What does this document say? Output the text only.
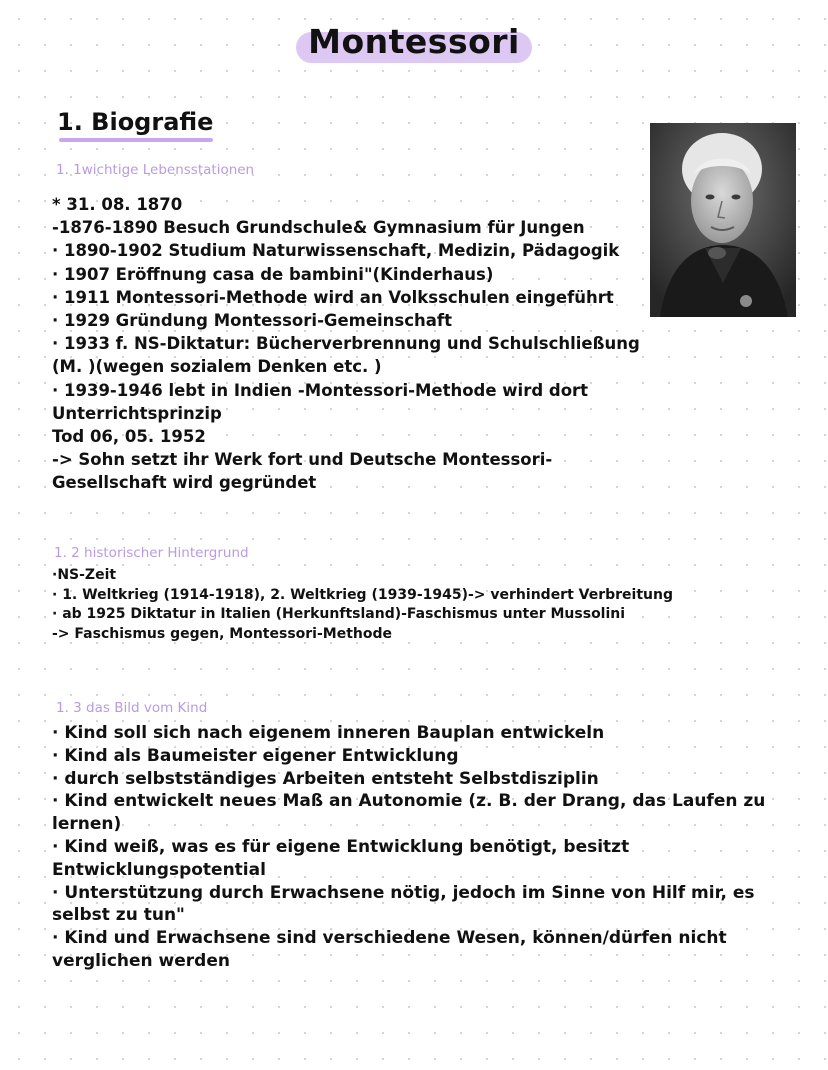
Montessori
1. Biografie
1. 1wichtige Lebensstationen
* 31. 08. 1870
-1876-1890 Besuch Grundschule& Gymnasium für Jungen
· 1890-1902 Studium Naturwissenschaft, Medizin, Pädagogik
· 1907 Eröffnung casa de bambini"(Kinderhaus)
· 1911 Montessori-Methode wird an Volksschulen eingeführt
· 1929 Gründung Montessori-Gemeinschaft
· 1933 f. NS-Diktatur: Bücherverbrennung und Schulschließung
(M. )(wegen sozialem Denken etc. )
· 1939-1946 lebt in Indien -Montessori-Methode wird dort
Unterrichtsprinzip
Tod 06, 05. 1952
-> Sohn setzt ihr Werk fort und Deutsche Montessori-
Gesellschaft wird gegründet
1. 2 historischer Hintergrund
·NS-Zeit
· 1. Weltkrieg (1914-1918), 2. Weltkrieg (1939-1945)-> verhindert Verbreitung
· ab 1925 Diktatur in Italien (Herkunftsland)-Faschismus unter Mussolini
-> Faschismus gegen, Montessori-Methode
1. 3 das Bild vom Kind
· Kind soll sich nach eigenem inneren Bauplan entwickeln
· Kind als Baumeister eigener Entwicklung
· durch selbstständiges Arbeiten entsteht Selbstdisziplin
· Kind entwickelt neues Maß an Autonomie (z. B. der Drang, das Laufen zu
lernen)
· Kind weiß, was es für eigene Entwicklung benötigt, besitzt
Entwicklungspotential
· Unterstützung durch Erwachsene nötig, jedoch im Sinne von Hilf mir, es
selbst zu tun"
· Kind und Erwachsene sind verschiedene Wesen, können/dürfen nicht
verglichen werden
